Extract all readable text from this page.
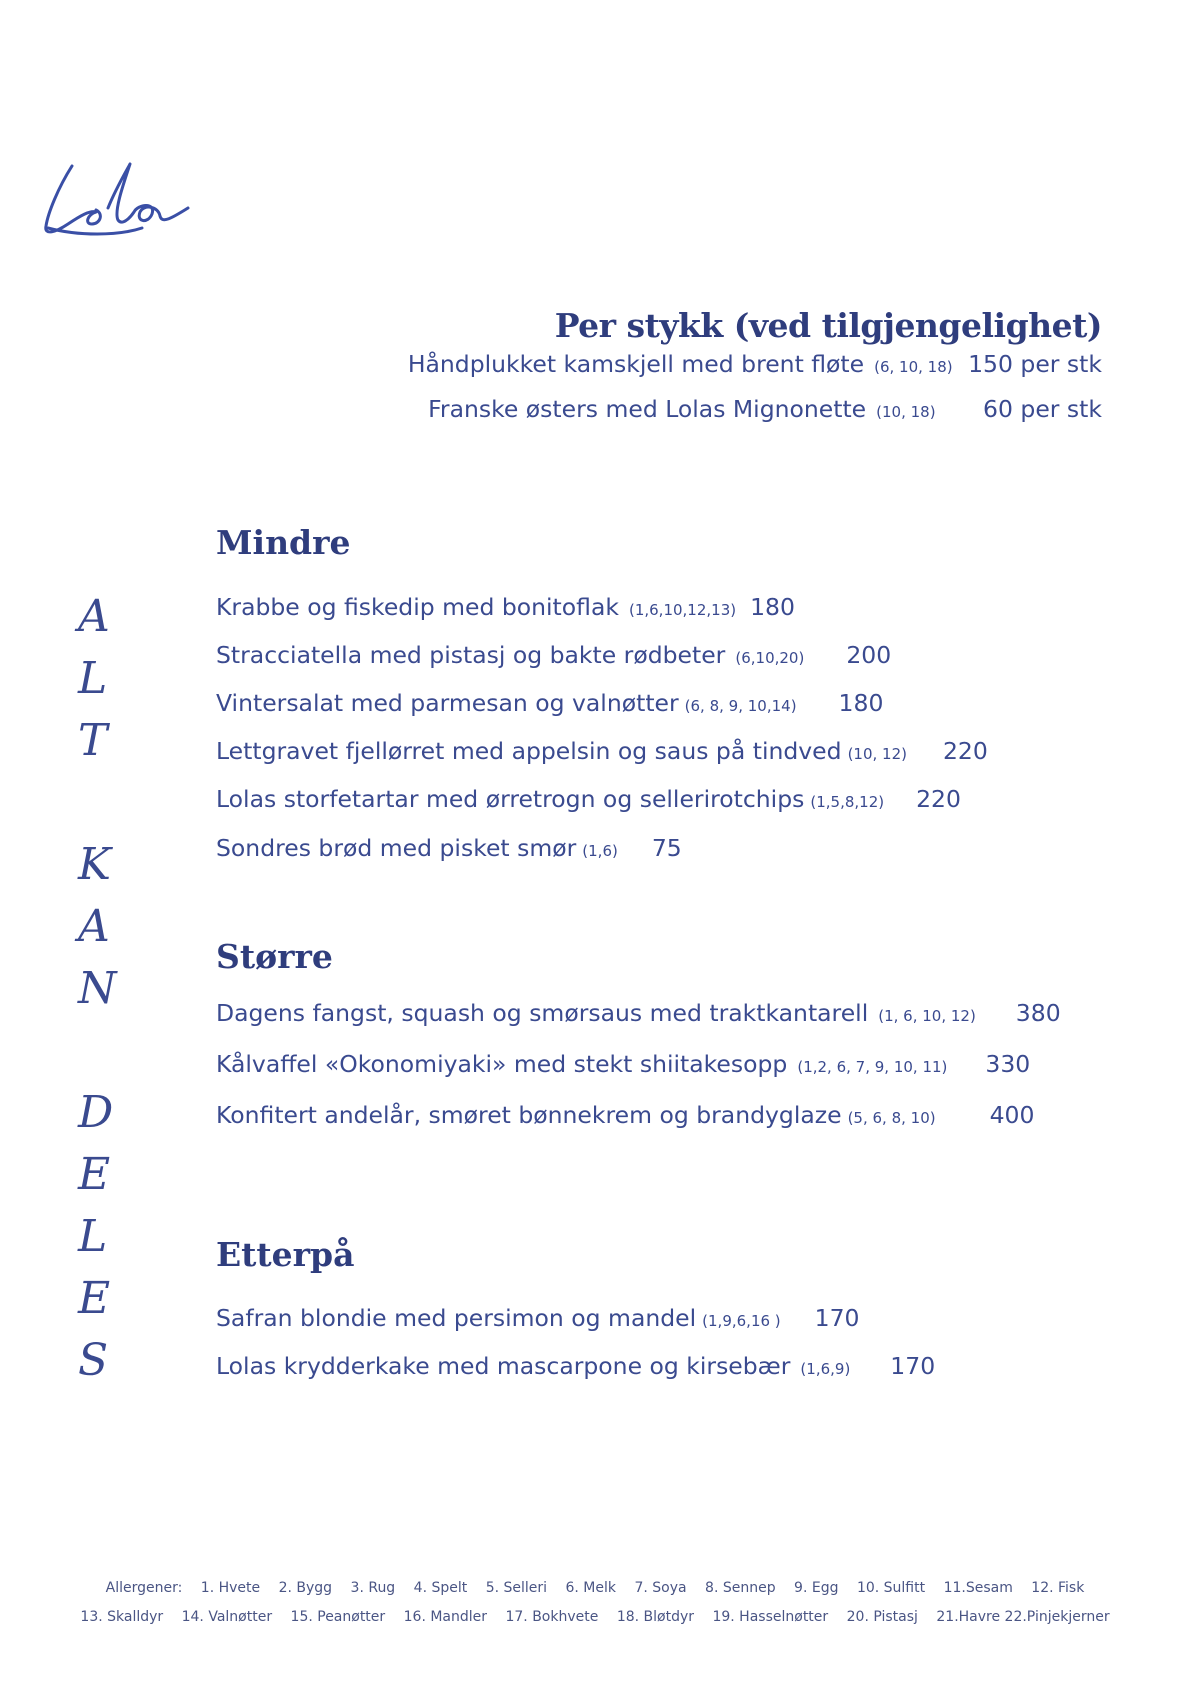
Per stykk (ved tilgjengelighet)
Håndplukket kamskjell med brent fløte (6, 10, 18) 150 per stk
Franske østers med Lolas Mignonette (10, 18) 60 per stk
A
L
T
K
A
N
D
E
L
E
S
Mindre
Krabbe og fiskedip med bonitoflak (1,6,10,12,13) 180
Stracciatella med pistasj og bakte rødbeter (6,10,20) 200
Vintersalat med parmesan og valnøtter (6, 8, 9, 10,14) 180
Lettgravet fjellørret med appelsin og saus på tindved (10, 12) 220
Lolas storfetartar med ørretrogn og sellerirotchips (1,5,8,12) 220
Sondres brød med pisket smør (1,6) 75
Større
Dagens fangst, squash og smørsaus med traktkantarell (1, 6, 10, 12) 380
Kålvaffel «Okonomiyaki» med stekt shiitakesopp (1,2, 6, 7, 9, 10, 11) 330
Konfitert andelår, smøret bønnekrem og brandyglaze (5, 6, 8, 10) 400
Etterpå
Safran blondie med persimon og mandel (1,9,6,16 ) 170
Lolas krydderkake med mascarpone og kirsebær (1,6,9) 170
Allergener: 1. Hvete 2. Bygg 3. Rug 4. Spelt 5. Selleri 6. Melk 7. Soya 8. Sennep 9. Egg 10. Sulfitt 11.Sesam 12. Fisk
13. Skalldyr 14. Valnøtter 15. Peanøtter 16. Mandler 17. Bokhvete 18. Bløtdyr 19. Hasselnøtter 20. Pistasj 21.Havre 22.Pinjekjerner
